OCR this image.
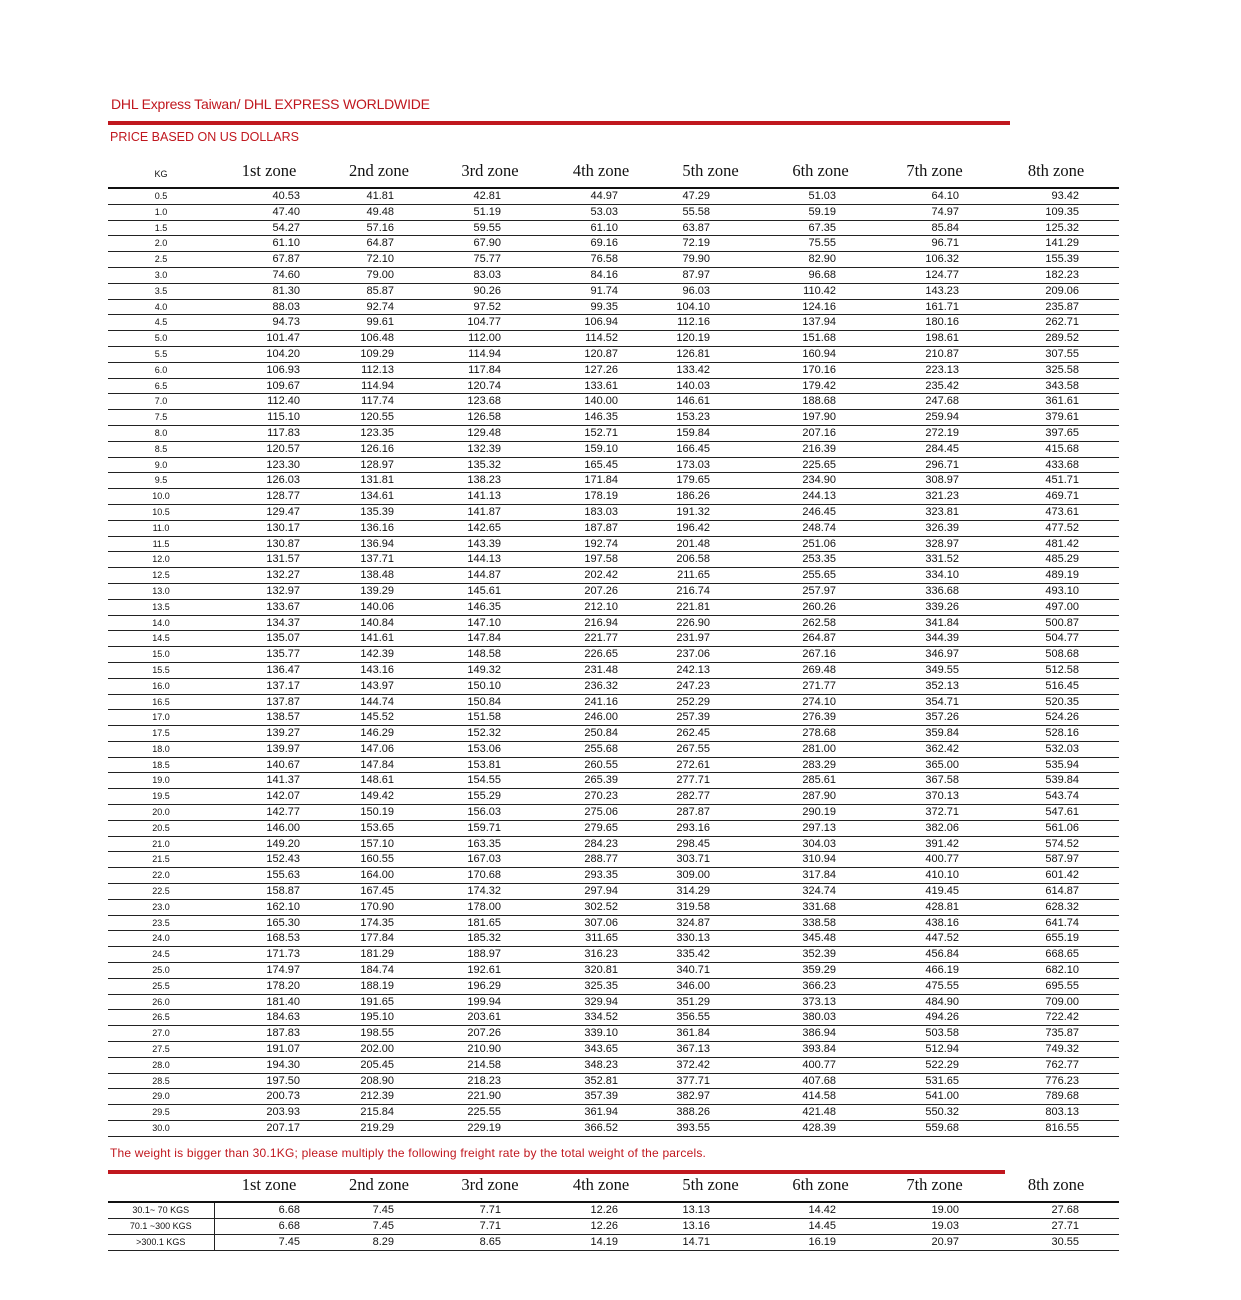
DHL Express Taiwan/ DHL EXPRESS WORLDWIDE
PRICE BASED ON US DOLLARS
KG	1st zone	2nd zone	3rd zone	4th zone	5th zone	6th zone	7th zone	8th zone
0.5	40.53	41.81	42.81	44.97	47.29	51.03	64.10	93.42
1.0	47.40	49.48	51.19	53.03	55.58	59.19	74.97	109.35
1.5	54.27	57.16	59.55	61.10	63.87	67.35	85.84	125.32
2.0	61.10	64.87	67.90	69.16	72.19	75.55	96.71	141.29
2.5	67.87	72.10	75.77	76.58	79.90	82.90	106.32	155.39
3.0	74.60	79.00	83.03	84.16	87.97	96.68	124.77	182.23
3.5	81.30	85.87	90.26	91.74	96.03	110.42	143.23	209.06
4.0	88.03	92.74	97.52	99.35	104.10	124.16	161.71	235.87
4.5	94.73	99.61	104.77	106.94	112.16	137.94	180.16	262.71
5.0	101.47	106.48	112.00	114.52	120.19	151.68	198.61	289.52
5.5	104.20	109.29	114.94	120.87	126.81	160.94	210.87	307.55
6.0	106.93	112.13	117.84	127.26	133.42	170.16	223.13	325.58
6.5	109.67	114.94	120.74	133.61	140.03	179.42	235.42	343.58
7.0	112.40	117.74	123.68	140.00	146.61	188.68	247.68	361.61
7.5	115.10	120.55	126.58	146.35	153.23	197.90	259.94	379.61
8.0	117.83	123.35	129.48	152.71	159.84	207.16	272.19	397.65
8.5	120.57	126.16	132.39	159.10	166.45	216.39	284.45	415.68
9.0	123.30	128.97	135.32	165.45	173.03	225.65	296.71	433.68
9.5	126.03	131.81	138.23	171.84	179.65	234.90	308.97	451.71
10.0	128.77	134.61	141.13	178.19	186.26	244.13	321.23	469.71
10.5	129.47	135.39	141.87	183.03	191.32	246.45	323.81	473.61
11.0	130.17	136.16	142.65	187.87	196.42	248.74	326.39	477.52
11.5	130.87	136.94	143.39	192.74	201.48	251.06	328.97	481.42
12.0	131.57	137.71	144.13	197.58	206.58	253.35	331.52	485.29
12.5	132.27	138.48	144.87	202.42	211.65	255.65	334.10	489.19
13.0	132.97	139.29	145.61	207.26	216.74	257.97	336.68	493.10
13.5	133.67	140.06	146.35	212.10	221.81	260.26	339.26	497.00
14.0	134.37	140.84	147.10	216.94	226.90	262.58	341.84	500.87
14.5	135.07	141.61	147.84	221.77	231.97	264.87	344.39	504.77
15.0	135.77	142.39	148.58	226.65	237.06	267.16	346.97	508.68
15.5	136.47	143.16	149.32	231.48	242.13	269.48	349.55	512.58
16.0	137.17	143.97	150.10	236.32	247.23	271.77	352.13	516.45
16.5	137.87	144.74	150.84	241.16	252.29	274.10	354.71	520.35
17.0	138.57	145.52	151.58	246.00	257.39	276.39	357.26	524.26
17.5	139.27	146.29	152.32	250.84	262.45	278.68	359.84	528.16
18.0	139.97	147.06	153.06	255.68	267.55	281.00	362.42	532.03
18.5	140.67	147.84	153.81	260.55	272.61	283.29	365.00	535.94
19.0	141.37	148.61	154.55	265.39	277.71	285.61	367.58	539.84
19.5	142.07	149.42	155.29	270.23	282.77	287.90	370.13	543.74
20.0	142.77	150.19	156.03	275.06	287.87	290.19	372.71	547.61
20.5	146.00	153.65	159.71	279.65	293.16	297.13	382.06	561.06
21.0	149.20	157.10	163.35	284.23	298.45	304.03	391.42	574.52
21.5	152.43	160.55	167.03	288.77	303.71	310.94	400.77	587.97
22.0	155.63	164.00	170.68	293.35	309.00	317.84	410.10	601.42
22.5	158.87	167.45	174.32	297.94	314.29	324.74	419.45	614.87
23.0	162.10	170.90	178.00	302.52	319.58	331.68	428.81	628.32
23.5	165.30	174.35	181.65	307.06	324.87	338.58	438.16	641.74
24.0	168.53	177.84	185.32	311.65	330.13	345.48	447.52	655.19
24.5	171.73	181.29	188.97	316.23	335.42	352.39	456.84	668.65
25.0	174.97	184.74	192.61	320.81	340.71	359.29	466.19	682.10
25.5	178.20	188.19	196.29	325.35	346.00	366.23	475.55	695.55
26.0	181.40	191.65	199.94	329.94	351.29	373.13	484.90	709.00
26.5	184.63	195.10	203.61	334.52	356.55	380.03	494.26	722.42
27.0	187.83	198.55	207.26	339.10	361.84	386.94	503.58	735.87
27.5	191.07	202.00	210.90	343.65	367.13	393.84	512.94	749.32
28.0	194.30	205.45	214.58	348.23	372.42	400.77	522.29	762.77
28.5	197.50	208.90	218.23	352.81	377.71	407.68	531.65	776.23
29.0	200.73	212.39	221.90	357.39	382.97	414.58	541.00	789.68
29.5	203.93	215.84	225.55	361.94	388.26	421.48	550.32	803.13
30.0	207.17	219.29	229.19	366.52	393.55	428.39	559.68	816.55
The weight is bigger than 30.1KG; please multiply the following freight rate by the total weight of the parcels.
	1st zone	2nd zone	3rd zone	4th zone	5th zone	6th zone	7th zone	8th zone
30.1~ 70 KGS	6.68	7.45	7.71	12.26	13.13	14.42	19.00	27.68
70.1 ~300 KGS	6.68	7.45	7.71	12.26	13.16	14.45	19.03	27.71
>300.1 KGS	7.45	8.29	8.65	14.19	14.71	16.19	20.97	30.55
